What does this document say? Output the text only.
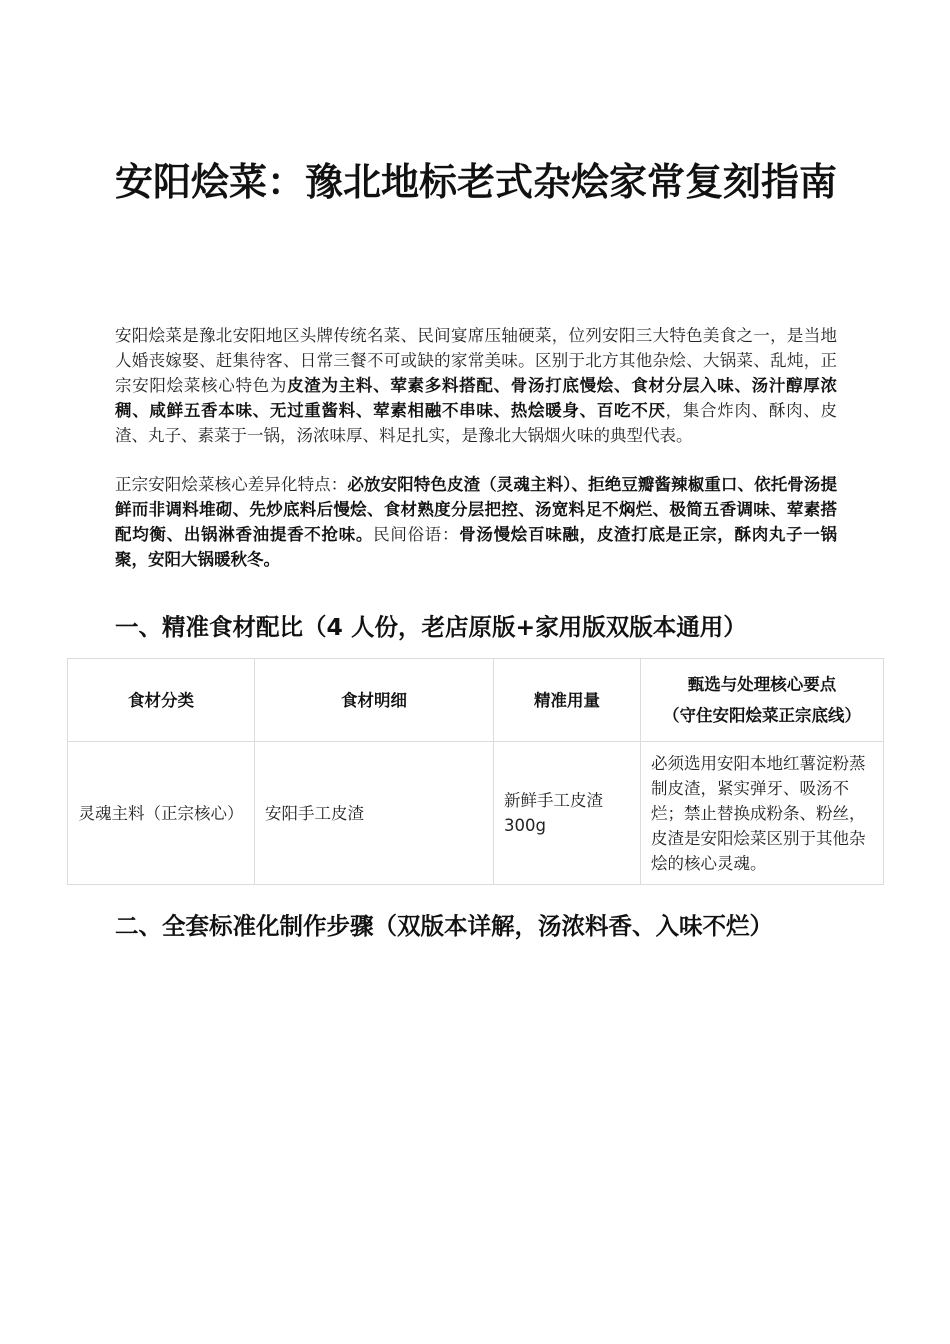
安阳烩菜：豫北地标老式杂烩家常复刻指南

安阳烩菜是豫北安阳地区头牌传统名菜、民间宴席压轴硬菜，位列安阳三大特色美食之一，是当地人婚丧嫁娶、赶集待客、日常三餐不可或缺的家常美味。区别于北方其他杂烩、大锅菜、乱炖，正宗安阳烩菜核心特色为皮渣为主料、荤素多料搭配、骨汤打底慢烩、食材分层入味、汤汁醇厚浓稠、咸鲜五香本味、无过重酱料、荤素相融不串味、热烩暖身、百吃不厌，集合炸肉、酥肉、皮渣、丸子、素菜于一锅，汤浓味厚、料足扎实，是豫北大锅烟火味的典型代表。

正宗安阳烩菜核心差异化特点：必放安阳特色皮渣（灵魂主料）、拒绝豆瓣酱辣椒重口、依托骨汤提鲜而非调料堆砌、先炒底料后慢烩、食材熟度分层把控、汤宽料足不焖烂、极简五香调味、荤素搭配均衡、出锅淋香油提香不抢味。民间俗语：骨汤慢烩百味融，皮渣打底是正宗，酥肉丸子一锅聚，安阳大锅暖秋冬。

一、精准食材配比（4 人份，老店原版+家用版双版本通用）
食材分类	食材明细	精准用量	甄选与处理核心要点
（守住安阳烩菜正宗底线）

灵魂主料（正宗核心）	安阳手工皮渣	新鲜手工皮渣300g	必须选用安阳本地红薯淀粉蒸制皮渣，紧实弹牙、吸汤不烂；禁止替换成粉条、粉丝，皮渣是安阳烩菜区别于其他杂烩的核心灵魂。
二、全套标准化制作步骤（双版本详解，汤浓料香、入味不烂）
